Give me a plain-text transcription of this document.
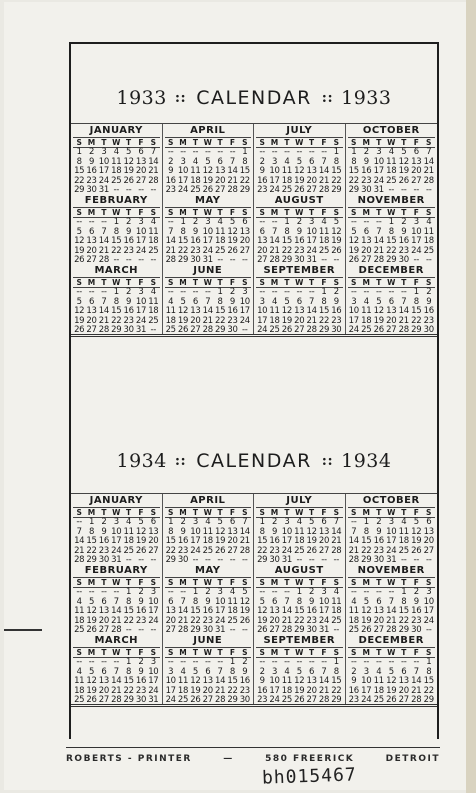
1933 :: CALENDAR :: 1933
JANUARY
S M T W T F S
1 2 3 4 5 6 7
8 9 10 11 12 13 14
15 16 17 18 19 20 21
22 23 24 25 26 27 28
29 30 31 -- -- -- --
APRIL
S M T W T F S
-- -- -- -- -- -- 1
2 3 4 5 6 7 8
9 10 11 12 13 14 15
16 17 18 19 20 21 22
23 24 25 26 27 28 29
JULY
S M T W T F S
-- -- -- -- -- -- 1
2 3 4 5 6 7 8
9 10 11 12 13 14 15
16 17 18 19 20 21 22
23 24 25 26 27 28 29
OCTOBER
S M T W T F S
1 2 3 4 5 6 7
8 9 10 11 12 13 14
15 16 17 18 19 20 21
22 23 24 25 26 27 28
29 30 31 -- -- -- --
FEBRUARY
S M T W T F S
-- -- -- 1 2 3 4
5 6 7 8 9 10 11
12 13 14 15 16 17 18
19 20 21 22 23 24 25
26 27 28 -- -- -- --
MAY
S M T W T F S
-- 1 2 3 4 5 6
7 8 9 10 11 12 13
14 15 16 17 18 19 20
21 22 23 24 25 26 27
28 29 30 31 -- -- --
AUGUST
S M T W T F S
-- -- 1 2 3 4 5
6 7 8 9 10 11 12
13 14 15 16 17 18 19
20 21 22 23 24 25 26
27 28 29 30 31 -- --
NOVEMBER
S M T W T F S
-- -- -- 1 2 3 4
5 6 7 8 9 10 11
12 13 14 15 16 17 18
19 20 21 22 23 24 25
26 27 28 29 30 -- --
MARCH
S M T W T F S
-- -- -- 1 2 3 4
5 6 7 8 9 10 11
12 13 14 15 16 17 18
19 20 21 22 23 24 25
26 27 28 29 30 31 --
JUNE
S M T W T F S
-- -- -- -- 1 2 3
4 5 6 7 8 9 10
11 12 13 14 15 16 17
18 19 20 21 22 23 24
25 26 27 28 29 30 --
SEPTEMBER
S M T W T F S
-- -- -- -- -- 1 2
3 4 5 6 7 8 9
10 11 12 13 14 15 16
17 18 19 20 21 22 23
24 25 26 27 28 29 30
DECEMBER
S M T W T F S
-- -- -- -- -- 1 2
3 4 5 6 7 8 9
10 11 12 13 14 15 16
17 18 19 20 21 22 23
24 25 26 27 28 29 30
1934 :: CALENDAR :: 1934
JANUARY
S M T W T F S
-- 1 2 3 4 5 6
7 8 9 10 11 12 13
14 15 16 17 18 19 20
21 22 23 24 25 26 27
28 29 30 31 -- -- --
APRIL
S M T W T F S
1 2 3 4 5 6 7
8 9 10 11 12 13 14
15 16 17 18 19 20 21
22 23 24 25 26 27 28
29 30 -- -- -- -- --
JULY
S M T W T F S
1 2 3 4 5 6 7
8 9 10 11 12 13 14
15 16 17 18 19 20 21
22 23 24 25 26 27 28
29 30 31 -- -- -- --
OCTOBER
S M T W T F S
-- 1 2 3 4 5 6
7 8 9 10 11 12 13
14 15 16 17 18 19 20
21 22 23 24 25 26 27
28 29 30 31 -- -- --
FEBRUARY
S M T W T F S
-- -- -- -- 1 2 3
4 5 6 7 8 9 10
11 12 13 14 15 16 17
18 19 20 21 22 23 24
25 26 27 28 -- -- --
MAY
S M T W T F S
-- -- 1 2 3 4 5
6 7 8 9 10 11 12
13 14 15 16 17 18 19
20 21 22 23 24 25 26
27 28 29 30 31 -- --
AUGUST
S M T W T F S
-- -- -- 1 2 3 4
5 6 7 8 9 10 11
12 13 14 15 16 17 18
19 20 21 22 23 24 25
26 27 28 29 30 31 --
NOVEMBER
S M T W T F S
-- -- -- -- 1 2 3
4 5 6 7 8 9 10
11 12 13 14 15 16 17
18 19 20 21 22 23 24
25 26 27 28 29 30 --
MARCH
S M T W T F S
-- -- -- -- 1 2 3
4 5 6 7 8 9 10
11 12 13 14 15 16 17
18 19 20 21 22 23 24
25 26 27 28 29 30 31
JUNE
S M T W T F S
-- -- -- -- -- 1 2
3 4 5 6 7 8 9
10 11 12 13 14 15 16
17 18 19 20 21 22 23
24 25 26 27 28 29 30
SEPTEMBER
S M T W T F S
-- -- -- -- -- -- 1
2 3 4 5 6 7 8
9 10 11 12 13 14 15
16 17 18 19 20 21 22
23 24 25 26 27 28 29
DECEMBER
S M T W T F S
-- -- -- -- -- -- 1
2 3 4 5 6 7 8
9 10 11 12 13 14 15
16 17 18 19 20 21 22
23 24 25 26 27 28 29
ROBERTS - PRINTER	—	580 FREERICK	DETROIT
bh015467
